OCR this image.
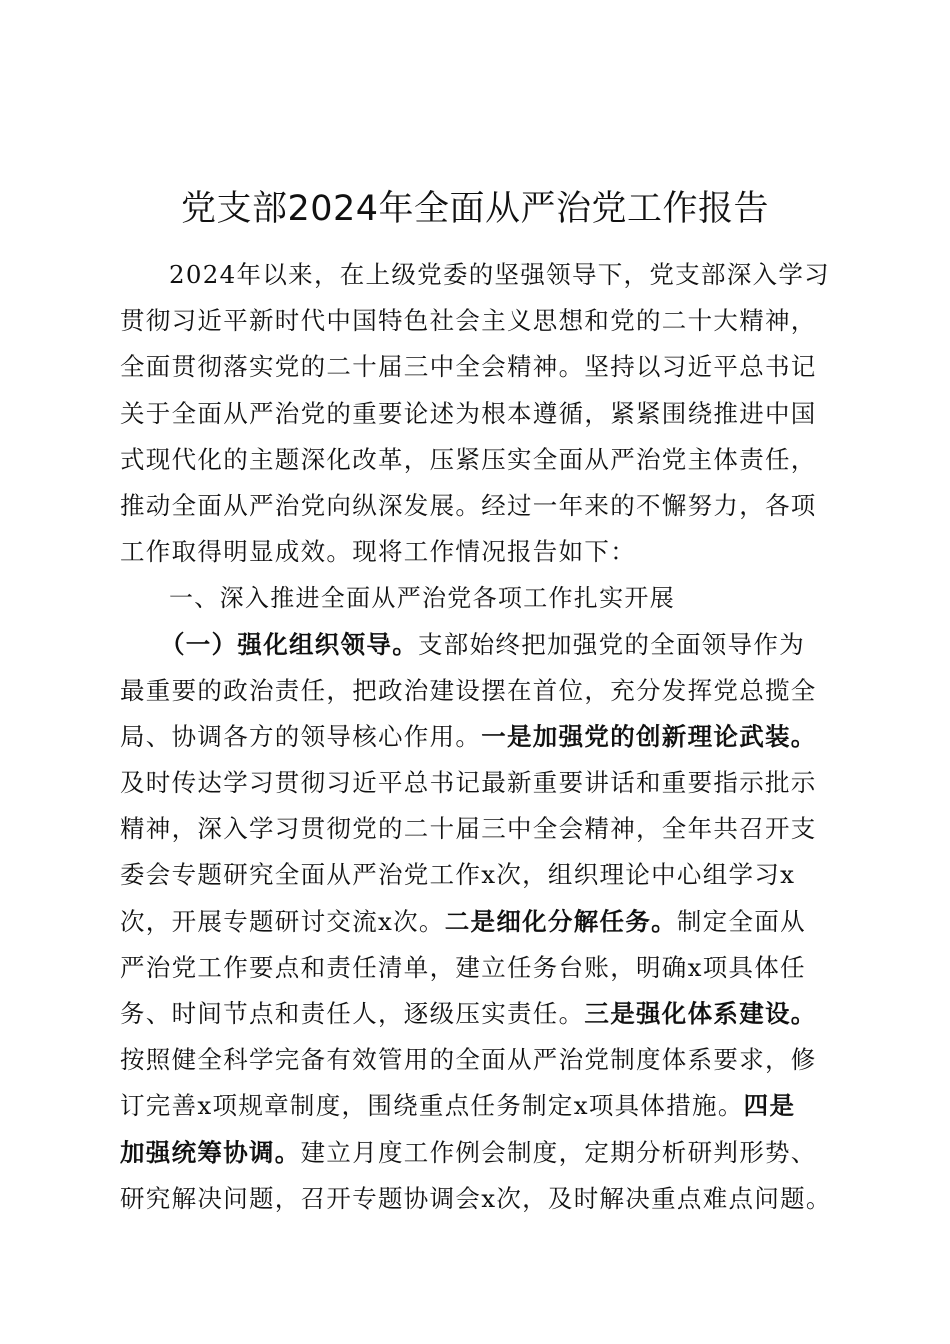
党支部2024年全面从严治党工作报告
2024年以来，在上级党委的坚强领导下，党支部深入学习
贯彻习近平新时代中国特色社会主义思想和党的二十大精神，
全面贯彻落实党的二十届三中全会精神。坚持以习近平总书记
关于全面从严治党的重要论述为根本遵循，紧紧围绕推进中国
式现代化的主题深化改革，压紧压实全面从严治党主体责任，
推动全面从严治党向纵深发展。经过一年来的不懈努力，各项
工作取得明显成效。现将工作情况报告如下：
一、深入推进全面从严治党各项工作扎实开展
（一）强化组织领导。支部始终把加强党的全面领导作为
最重要的政治责任，把政治建设摆在首位，充分发挥党总揽全
局、协调各方的领导核心作用。一是加强党的创新理论武装。
及时传达学习贯彻习近平总书记最新重要讲话和重要指示批示
精神，深入学习贯彻党的二十届三中全会精神，全年共召开支
委会专题研究全面从严治党工作x次，组织理论中心组学习x
次，开展专题研讨交流x次。二是细化分解任务。制定全面从
严治党工作要点和责任清单，建立任务台账，明确x项具体任
务、时间节点和责任人，逐级压实责任。三是强化体系建设。
按照健全科学完备有效管用的全面从严治党制度体系要求，修
订完善x项规章制度，围绕重点任务制定x项具体措施。四是
加强统筹协调。建立月度工作例会制度，定期分析研判形势、
研究解决问题，召开专题协调会x次，及时解决重点难点问题。
